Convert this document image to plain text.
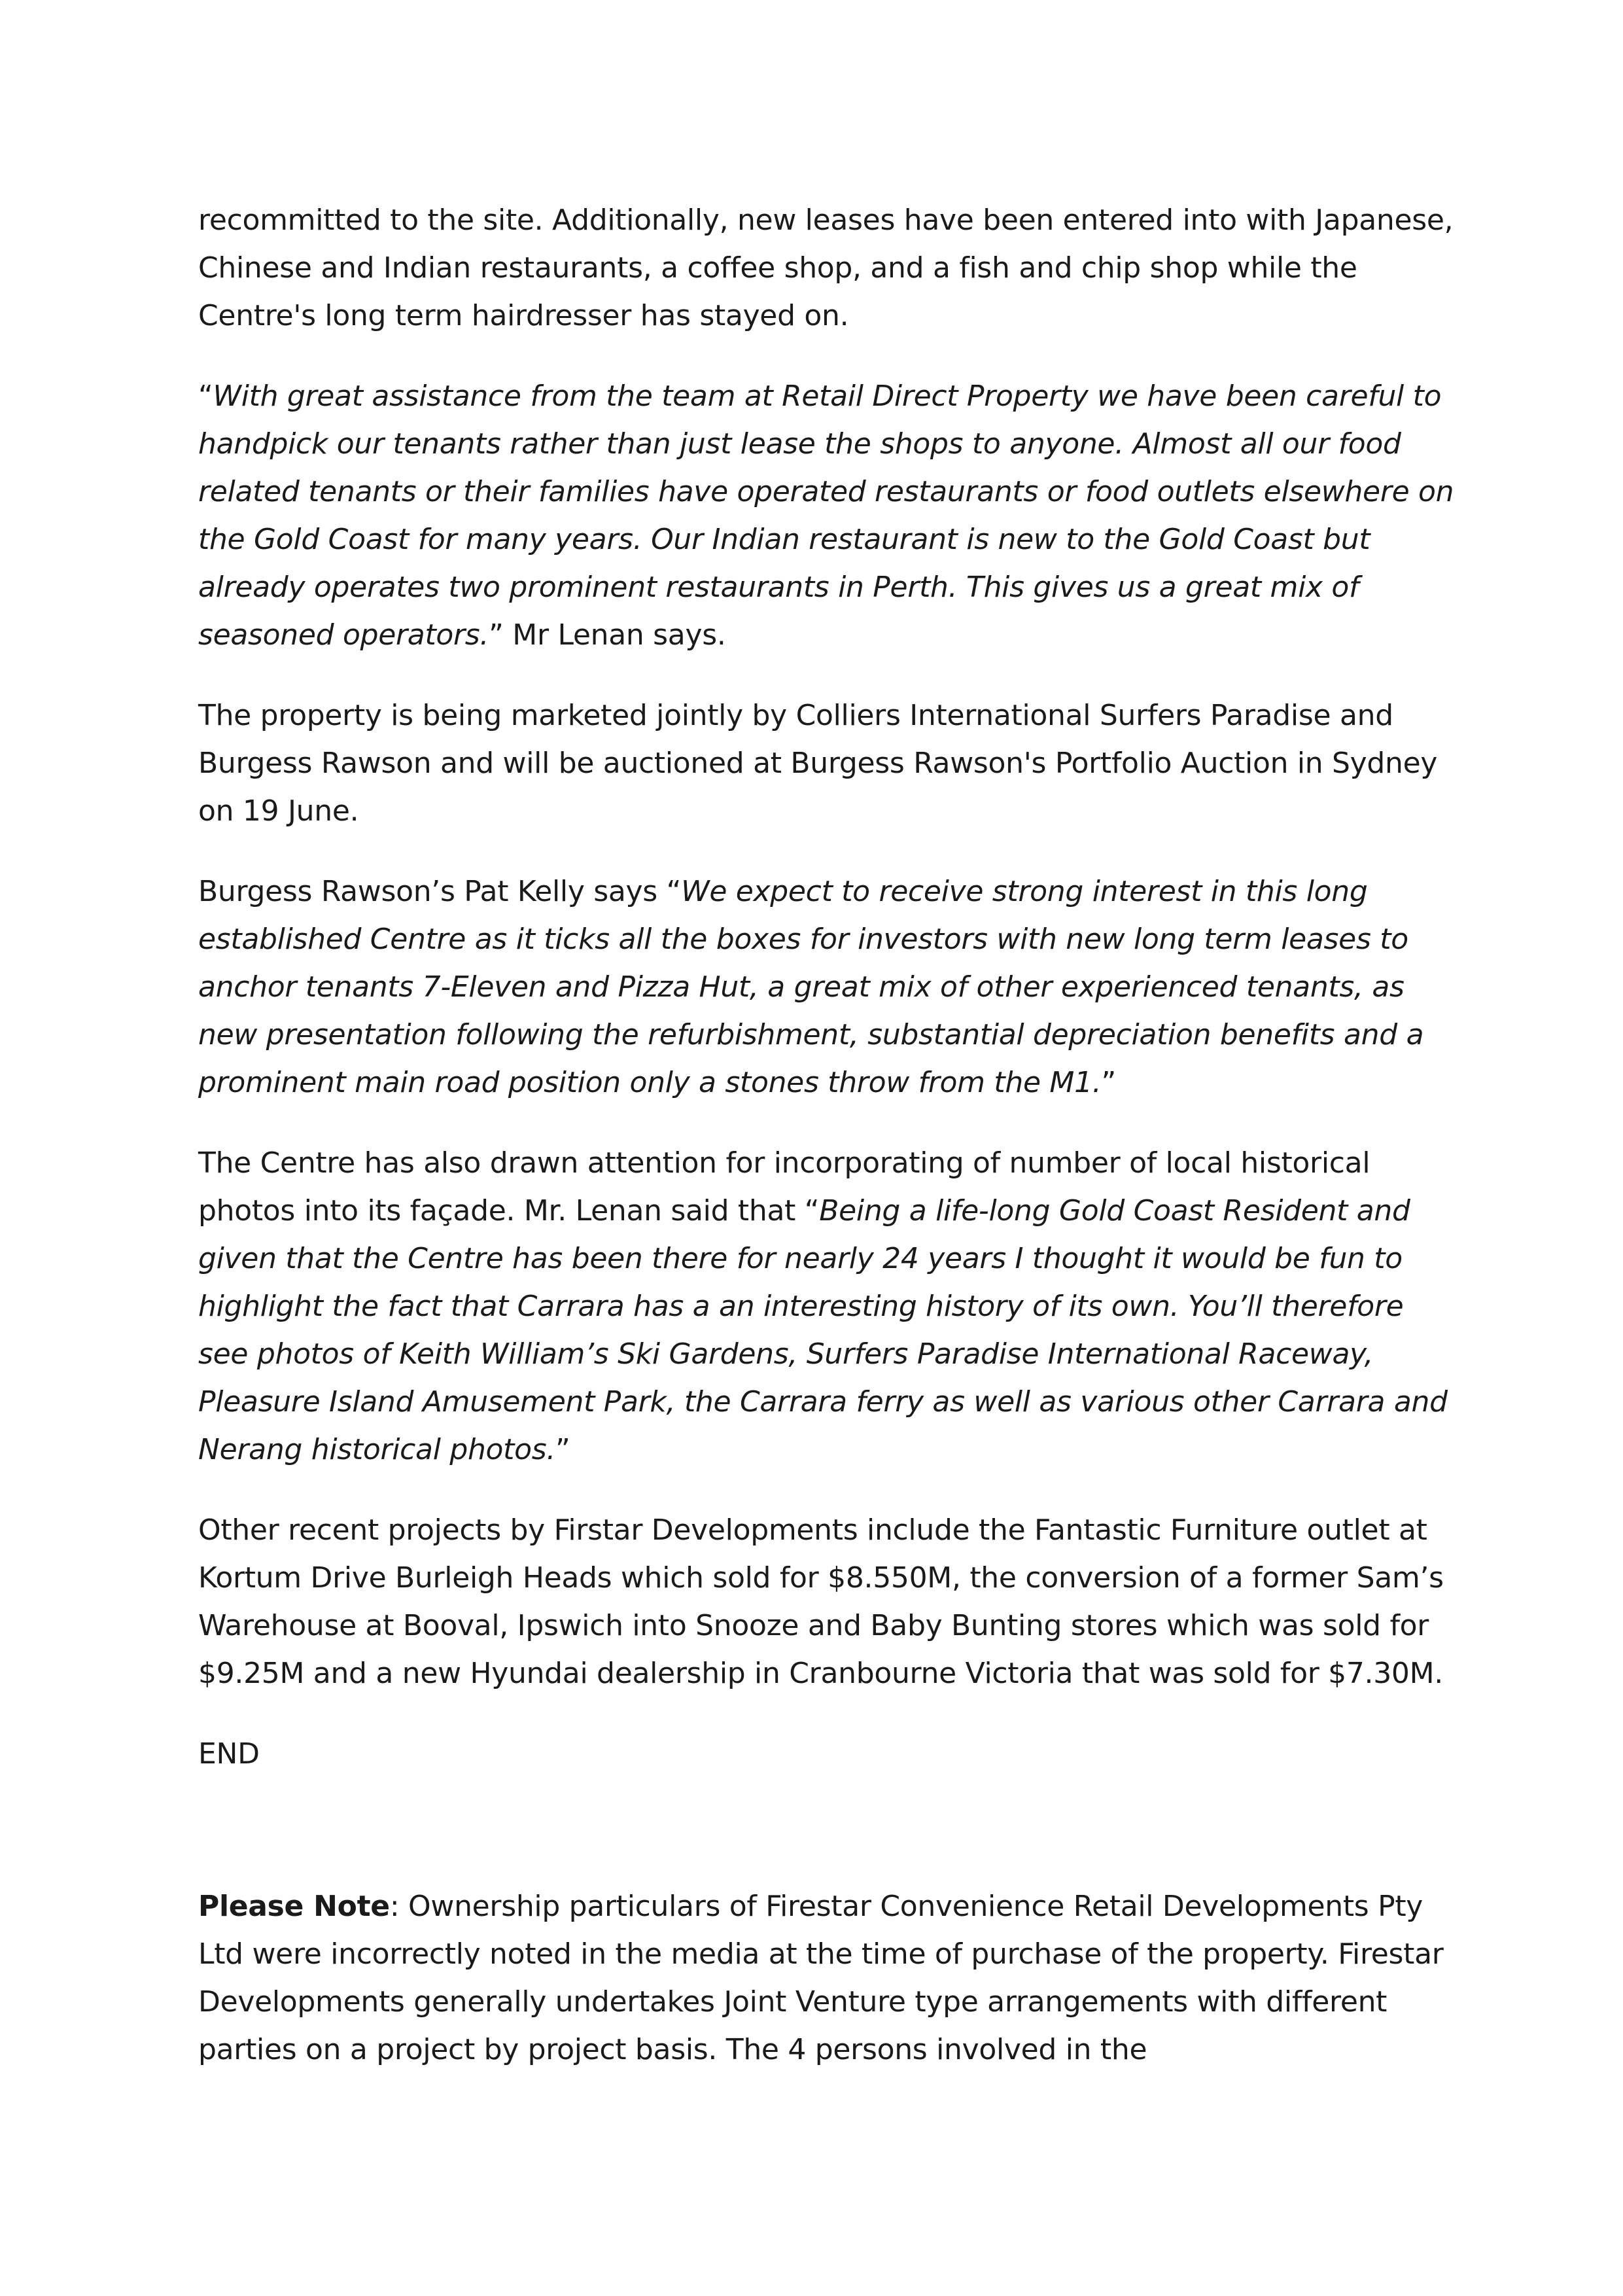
recommitted to the site. Additionally, new leases have been entered into with Japanese, Chinese and Indian restaurants, a coffee shop, and a fish and chip shop while the Centre's long term hairdresser has stayed on.

“With great assistance from the team at Retail Direct Property we have been careful to handpick our tenants rather than just lease the shops to anyone. Almost all our food related tenants or their families have operated restaurants or food outlets elsewhere on the Gold Coast for many years. Our Indian restaurant is new to the Gold Coast but already operates two prominent restaurants in Perth. This gives us a great mix of seasoned operators.” Mr Lenan says.

The property is being marketed jointly by Colliers International Surfers Paradise and Burgess Rawson and will be auctioned at Burgess Rawson's Portfolio Auction in Sydney on 19 June.

Burgess Rawson’s Pat Kelly says “We expect to receive strong interest in this long established Centre as it ticks all the boxes for investors with new long term leases to anchor tenants 7-Eleven and Pizza Hut, a great mix of other experienced tenants, as new presentation following the refurbishment, substantial depreciation benefits and a prominent main road position only a stones throw from the M1.”

The Centre has also drawn attention for incorporating of number of local historical photos into its façade. Mr. Lenan said that “Being a life-long Gold Coast Resident and given that the Centre has been there for nearly 24 years I thought it would be fun to highlight the fact that Carrara has a an interesting history of its own. You’ll therefore see photos of Keith William’s Ski Gardens, Surfers Paradise International Raceway, Pleasure Island Amusement Park, the Carrara ferry as well as various other Carrara and Nerang historical photos.”

Other recent projects by Firstar Developments include the Fantastic Furniture outlet at Kortum Drive Burleigh Heads which sold for $8.550M, the conversion of a former Sam’s Warehouse at Booval, Ipswich into Snooze and Baby Bunting stores which was sold for $9.25M and a new Hyundai dealership in Cranbourne Victoria that was sold for $7.30M.

END

Please Note: Ownership particulars of Firestar Convenience Retail Developments Pty Ltd were incorrectly noted in the media at the time of purchase of the property. Firestar Developments generally undertakes Joint Venture type arrangements with different parties on a project by project basis. The 4 persons involved in the
